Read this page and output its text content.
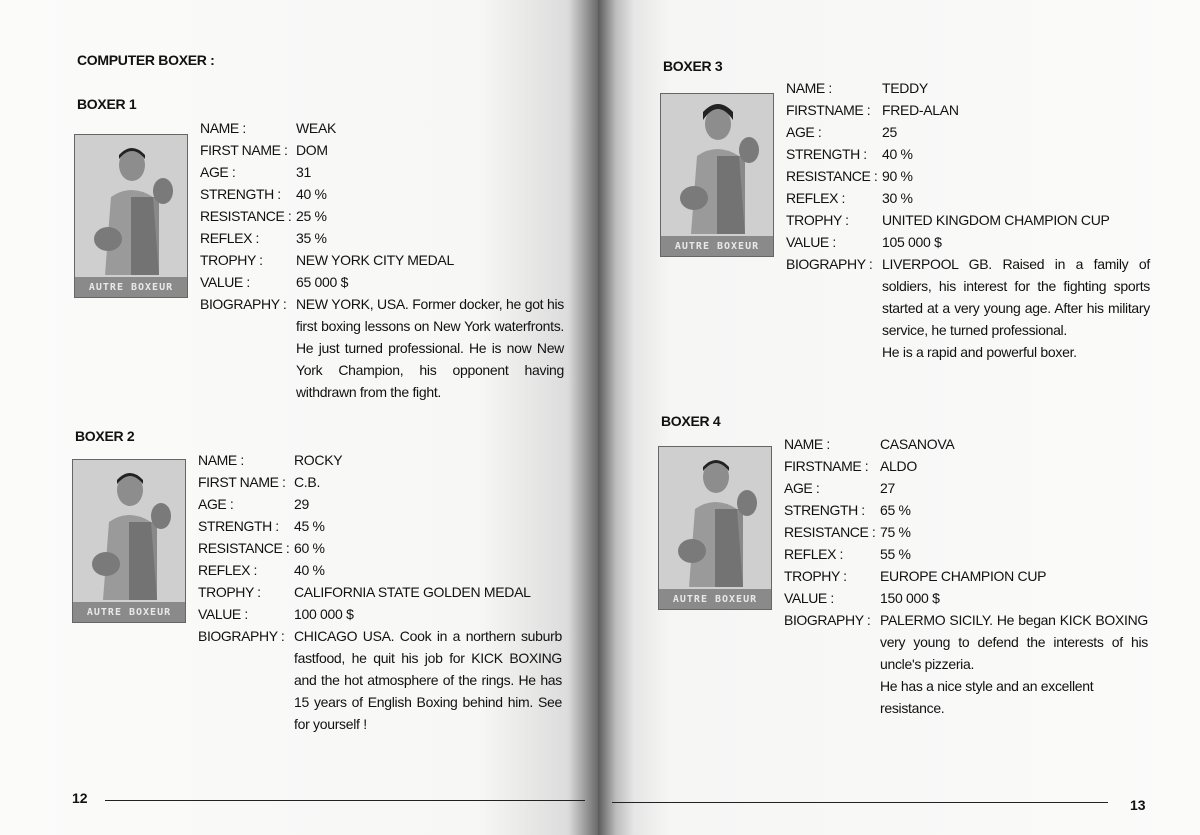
COMPUTER BOXER :
BOXER 1
AUTRE BOXEUR
NAME :	WEAK
FIRST NAME : DOM
AGE :	31
STRENGTH :	40 %
RESISTANCE : 25 %
REFLEX :	35 %
TROPHY :	NEW YORK CITY MEDAL
VALUE :	65 000 $
BIOGRAPHY : NEW YORK, USA. Former docker, he got his first boxing lessons on New York waterfronts. He just turned professional. He is now New York Champion, his opponent having withdrawn from the fight.
BOXER 2
AUTRE BOXEUR
NAME :	ROCKY
FIRST NAME : C.B.
AGE :	29
STRENGTH :	45 %
RESISTANCE : 60 %
REFLEX :	40 %
TROPHY :	CALIFORNIA STATE GOLDEN MEDAL
VALUE :	100 000 $
BIOGRAPHY : CHICAGO USA. Cook in a northern suburb fastfood, he quit his job for KICK BOXING and the hot atmosphere of the rings. He has 15 years of English Boxing behind him. See for yourself !
12
BOXER 3
AUTRE BOXEUR
NAME :	TEDDY
FIRSTNAME : FRED-ALAN
AGE :	25
STRENGTH :	40 %
RESISTANCE : 90 %
REFLEX :	30 %
TROPHY :	UNITED KINGDOM CHAMPION CUP
VALUE :	105 000 $
BIOGRAPHY : LIVERPOOL GB. Raised in a family of soldiers, his interest for the fighting sports started at a very young age. After his military service, he turned professional.
He is a rapid and powerful boxer.
BOXER 4
AUTRE BOXEUR
NAME :	CASANOVA
FIRSTNAME : ALDO
AGE :	27
STRENGTH :	65 %
RESISTANCE : 75 %
REFLEX :	55 %
TROPHY :	EUROPE CHAMPION CUP
VALUE :	150 000 $
BIOGRAPHY : PALERMO SICILY. He began KICK BOXING very young to defend the interests of his uncle's pizzeria.
He has a nice style and an excellent resistance.
13
